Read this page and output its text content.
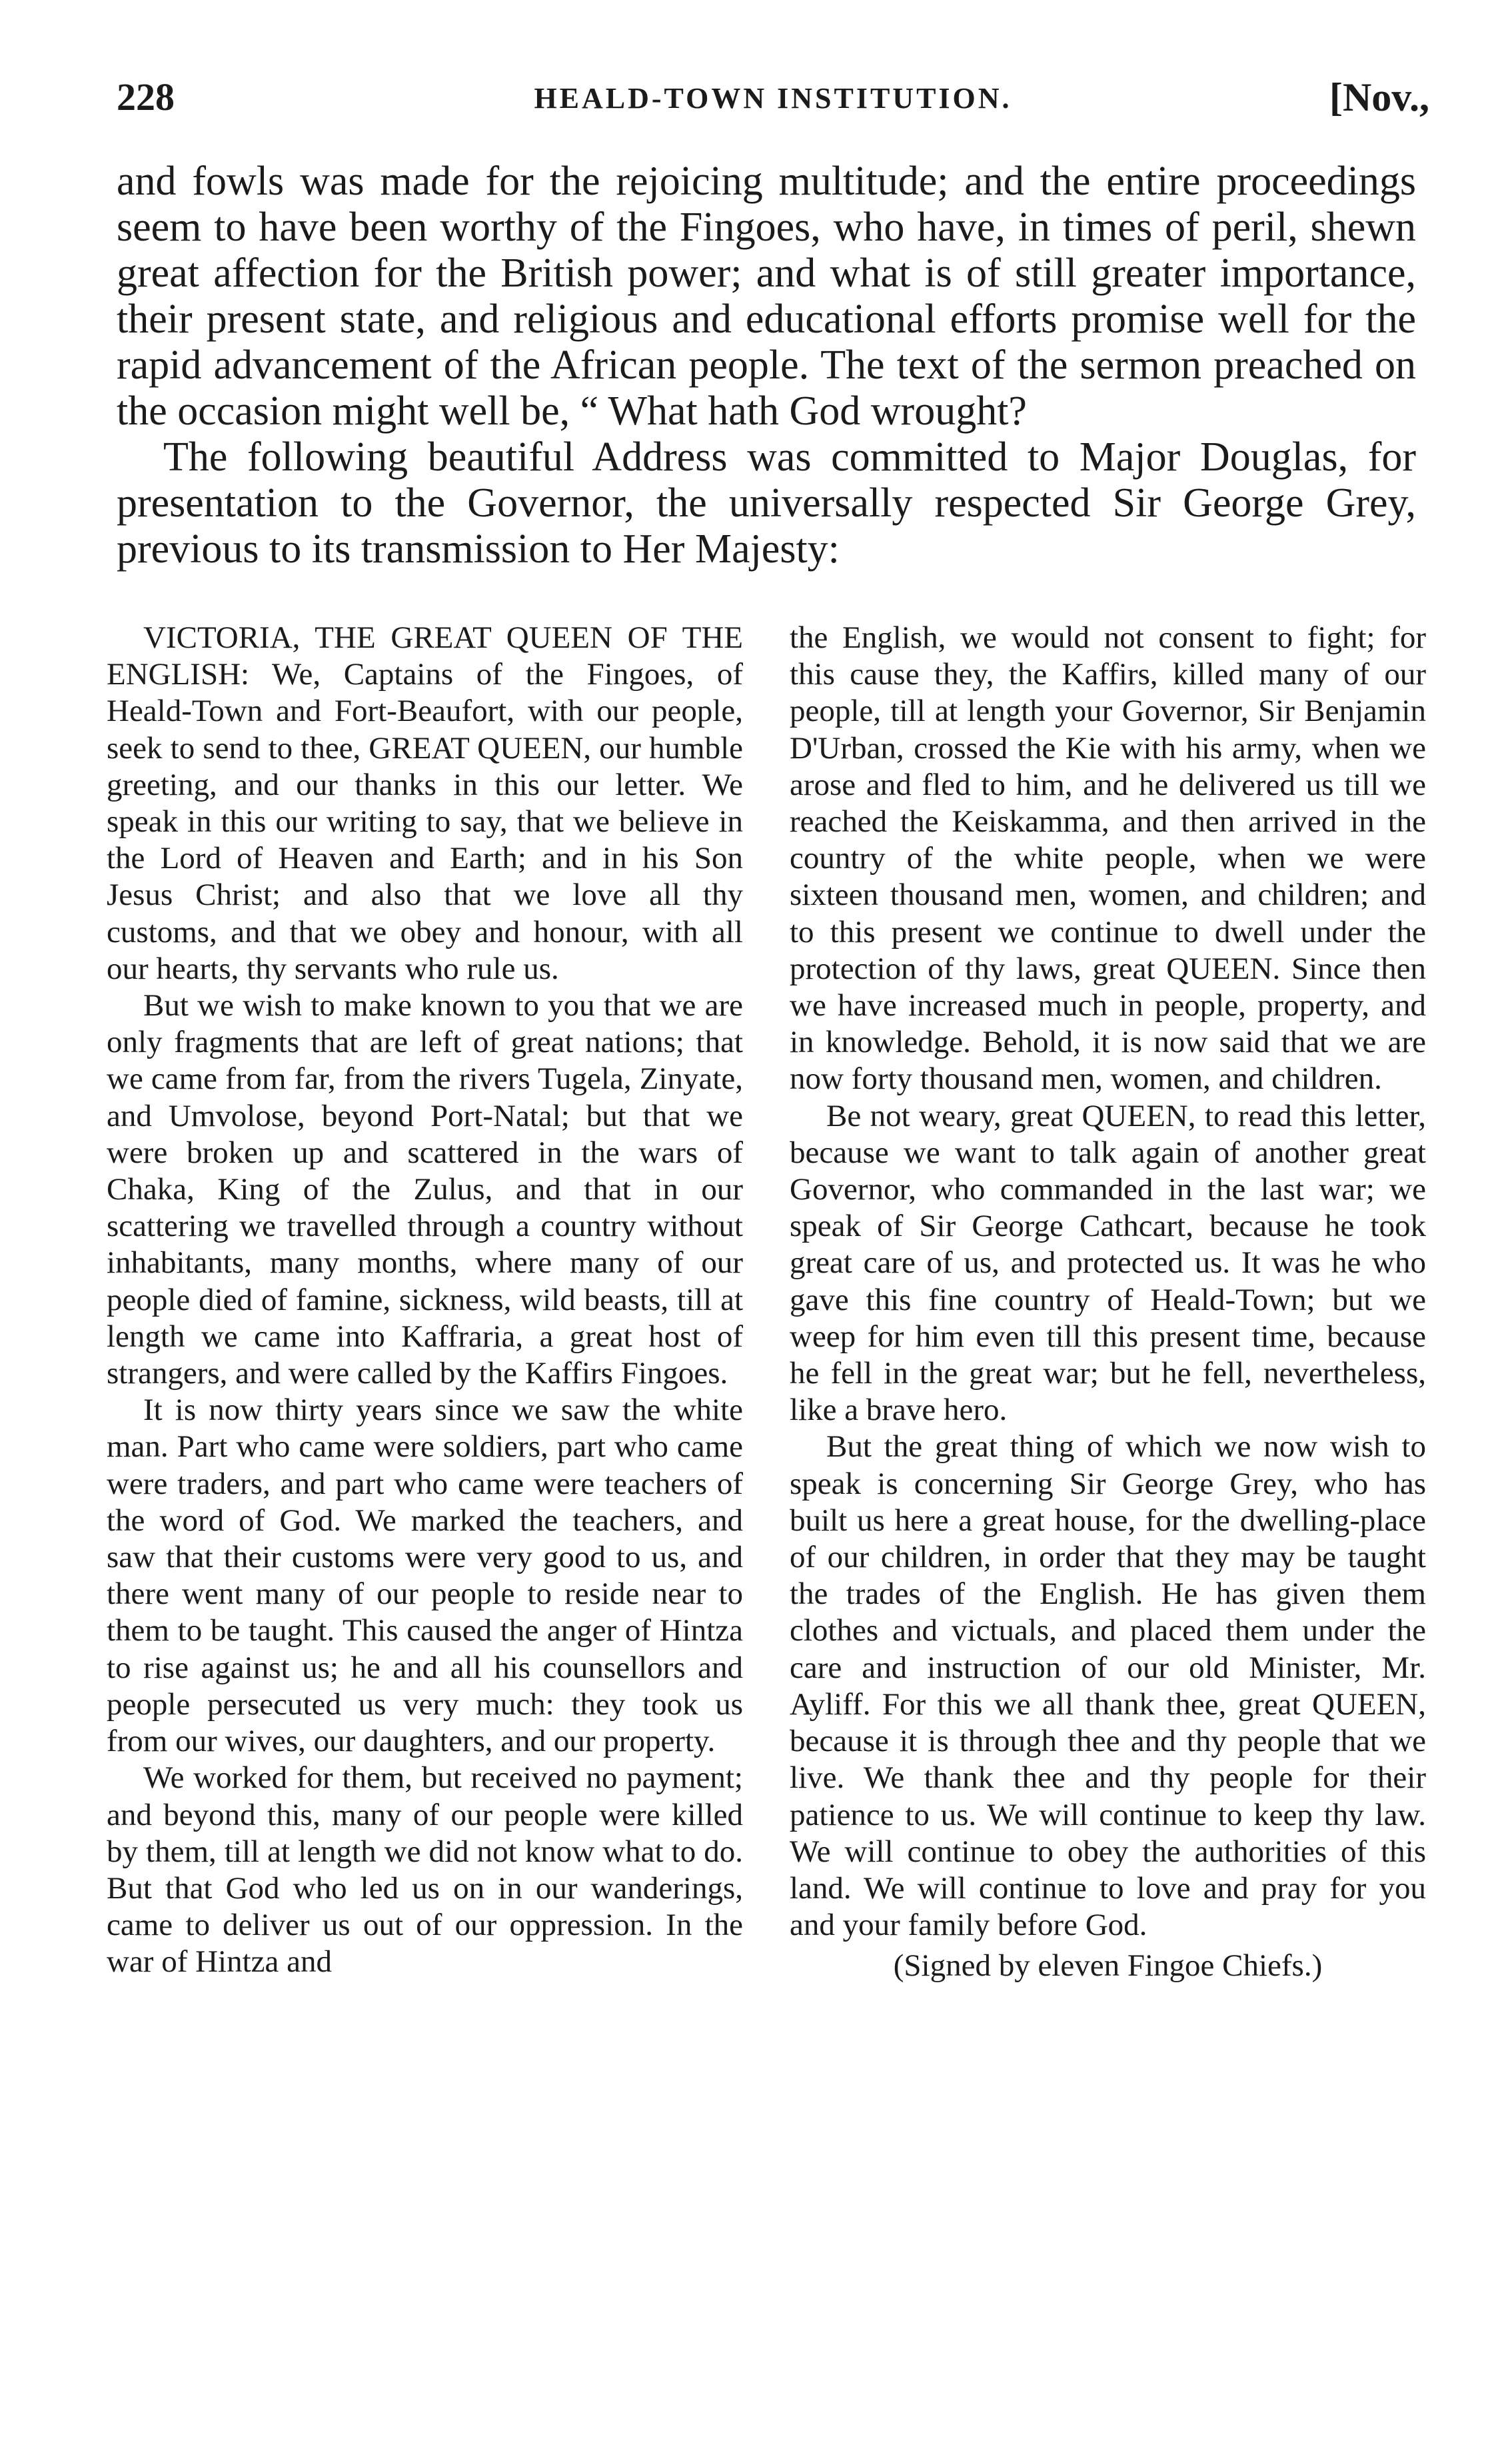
228	HEALD-TOWN INSTITUTION.	[Nov.,

and fowls was made for the rejoicing multitude; and the entire proceedings seem to have been worthy of the Fingoes, who have, in times of peril, shewn great affection for the British power; and what is of still greater importance, their present state, and religious and educational efforts promise well for the rapid advancement of the African people. The text of the sermon preached on the occasion might well be, “ What hath God wrought?

The following beautiful Address was committed to Major Douglas, for presentation to the Governor, the universally respected Sir George Grey, previous to its transmission to Her Majesty:

VICTORIA, THE GREAT QUEEN OF THE ENGLISH: We, Captains of the Fingoes, of Heald-Town and Fort-Beaufort, with our people, seek to send to thee, GREAT QUEEN, our humble greeting, and our thanks in this our letter. We speak in this our writing to say, that we believe in the Lord of Heaven and Earth; and in his Son Jesus Christ; and also that we love all thy customs, and that we obey and honour, with all our hearts, thy servants who rule us.

But we wish to make known to you that we are only fragments that are left of great nations; that we came from far, from the rivers Tugela, Zinyate, and Umvolose, beyond Port-Natal; but that we were broken up and scattered in the wars of Chaka, King of the Zulus, and that in our scattering we travelled through a country without inhabitants, many months, where many of our people died of famine, sickness, wild beasts, till at length we came into Kaffraria, a great host of strangers, and were called by the Kaffirs Fingoes.

It is now thirty years since we saw the white man. Part who came were soldiers, part who came were traders, and part who came were teachers of the word of God. We marked the teachers, and saw that their customs were very good to us, and there went many of our people to reside near to them to be taught. This caused the anger of Hintza to rise against us; he and all his counsellors and people persecuted us very much: they took us from our wives, our daughters, and our property.

We worked for them, but received no payment; and beyond this, many of our people were killed by them, till at length we did not know what to do. But that God who led us on in our wanderings, came to deliver us out of our oppression. In the war of Hintza and

the English, we would not consent to fight; for this cause they, the Kaffirs, killed many of our people, till at length your Governor, Sir Benjamin D'Urban, crossed the Kie with his army, when we arose and fled to him, and he delivered us till we reached the Keiskamma, and then arrived in the country of the white people, when we were sixteen thousand men, women, and children; and to this present we continue to dwell under the protection of thy laws, great QUEEN. Since then we have increased much in people, property, and in knowledge. Behold, it is now said that we are now forty thousand men, women, and children.

Be not weary, great QUEEN, to read this letter, because we want to talk again of another great Governor, who commanded in the last war; we speak of Sir George Cathcart, because he took great care of us, and protected us. It was he who gave this fine country of Heald-Town; but we weep for him even till this present time, because he fell in the great war; but he fell, nevertheless, like a brave hero.

But the great thing of which we now wish to speak is concerning Sir George Grey, who has built us here a great house, for the dwelling-place of our children, in order that they may be taught the trades of the English. He has given them clothes and victuals, and placed them under the care and instruction of our old Minister, Mr. Ayliff. For this we all thank thee, great QUEEN, because it is through thee and thy people that we live. We thank thee and thy people for their patience to us. We will continue to keep thy law. We will continue to obey the authorities of this land. We will continue to love and pray for you and your family before God.

(Signed by eleven Fingoe Chiefs.)
